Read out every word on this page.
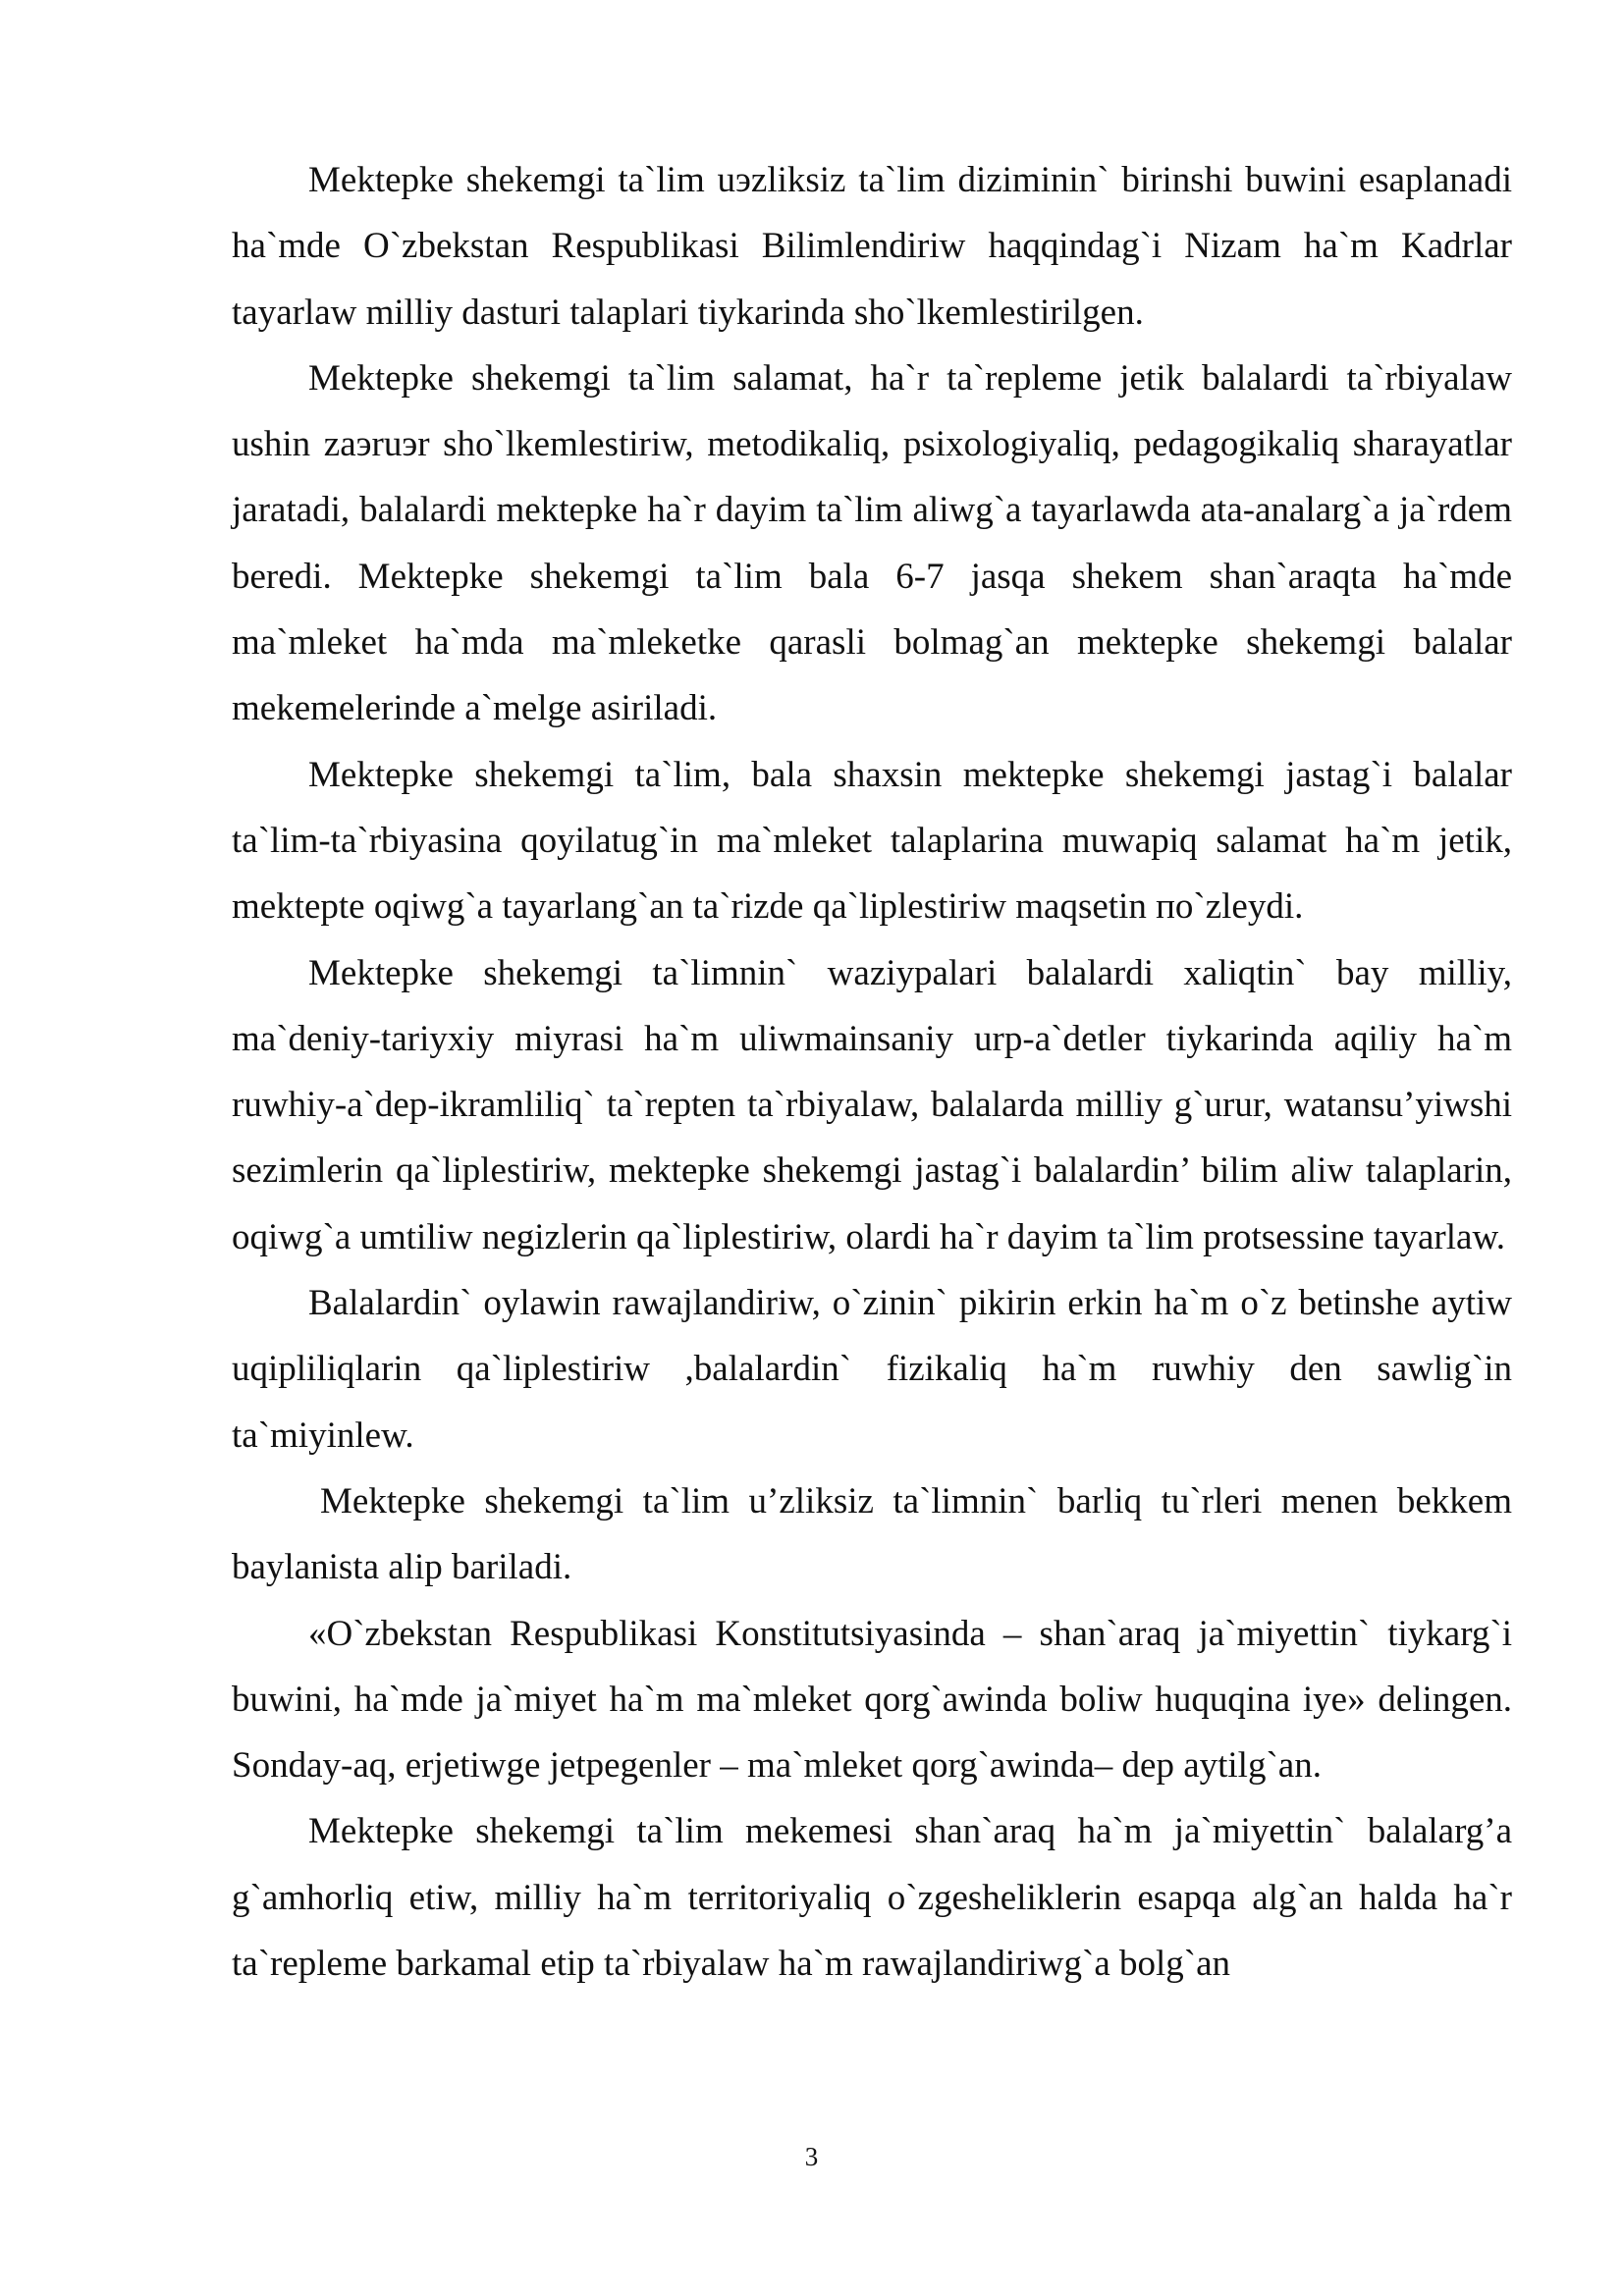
Mektepke shekemgi ta`lim uэzliksiz ta`lim diziminin` birinshi buwini esaplanadi ha`mde O`zbekstan Respublikasi Bilimlendiriw haqqindag`i Nizam ha`m Kadrlar tayarlaw milliy dasturi talaplari tiykarinda sho`lkemlestirilgen.

Mektepke shekemgi ta`lim salamat, ha`r ta`repleme jetik balalardi ta`rbiyalaw ushin zaэruэr sho`lkemlestiriw, metodikaliq, psixologiyaliq, pedagogikaliq sharayatlar jaratadi, balalardi mektepke ha`r dayim ta`lim aliwg`a tayarlawda ata-analarg`a ja`rdem beredi. Mektepke shekemgi ta`lim bala 6-7 jasqa shekem shan`araqta ha`mde ma`mleket ha`mda ma`mleketke qarasli bolmag`an mektepke shekemgi balalar mekemelerinde a`melge asiriladi.

Mektepke shekemgi ta`lim, bala shaxsin mektepke shekemgi jastag`i balalar ta`lim-ta`rbiyasina qoyilatug`in ma`mleket talaplarina muwapiq salamat ha`m jetik, mektepte oqiwg`a tayarlang`an ta`rizde qa`liplestiriw maqsetin пo`zleydi.

Mektepke shekemgi ta`limnin` waziypalari balalardi xaliqtin` bay milliy, ma`deniy-tariyxiy miyrasi ha`m uliwmainsaniy urp-a`detler tiykarinda aqiliy ha`m ruwhiy-a`dep-ikramliliq` ta`repten ta`rbiyalaw, balalarda milliy g`urur, watansu’yiwshi sezimlerin qa`liplestiriw, mektepke shekemgi jastag`i balalardin’ bilim aliw talaplarin, oqiwg`a umtiliw negizlerin qa`liplestiriw, olardi ha`r dayim ta`lim protsessine tayarlaw.

Balalardin` oylawin rawajlandiriw, o`zinin` pikirin erkin ha`m o`z betinshe aytiw uqipliliqlarin qa`liplestiriw ,balalardin` fizikaliq ha`m ruwhiy den sawlig`in ta`miyinlew.

Mektepke shekemgi ta`lim u’zliksiz ta`limnin` barliq tu`rleri menen bekkem baylanista alip bariladi.

«O`zbekstan Respublikasi Konstitutsiyasinda – shan`araq ja`miyettin` tiykarg`i buwini, ha`mde ja`miyet ha`m ma`mleket qorg`awinda boliw huquqina iye» delingen. Sonday-aq, erjetiwge jetpegenler – ma`mleket qorg`awinda– dep aytilg`an.

Mektepke shekemgi ta`lim mekemesi shan`araq ha`m ja`miyettin` balalarg’a g`amhorliq etiw, milliy ha`m territoriyaliq o`zgesheliklerin esapqa alg`an halda ha`r ta`repleme barkamal etip ta`rbiyalaw ha`m rawajlandiriwg`a bolg`an

3
